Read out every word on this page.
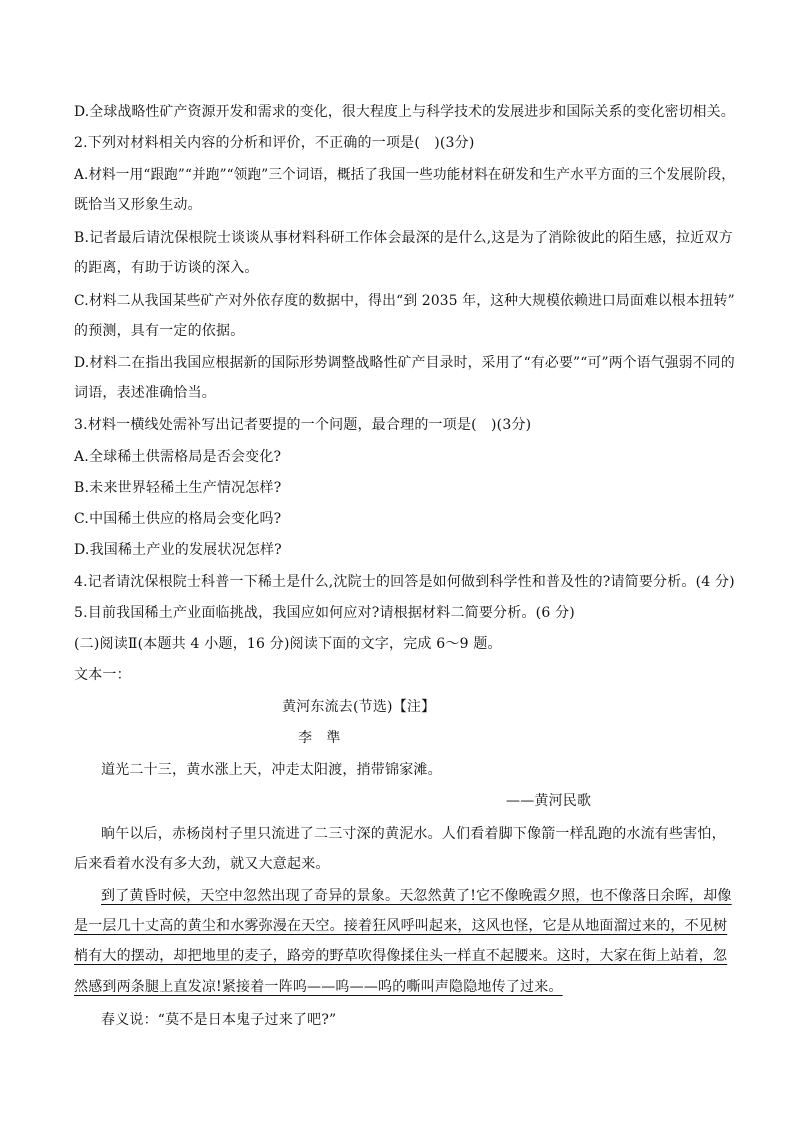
D.全球战略性矿产资源开发和需求的变化，很大程度上与科学技术的发展进步和国际关系的变化密切相关。
2.下列对材料相关内容的分析和评价，不正确的一项是(　)(3分)
A.材料一用“跟跑”“并跑”“领跑”三个词语，概括了我国一些功能材料在研发和生产水平方面的三个发展阶段，
既恰当又形象生动。
B.记者最后请沈保根院士谈谈从事材料科研工作体会最深的是什么,这是为了消除彼此的陌生感，拉近双方
的距离，有助于访谈的深入。
C.材料二从我国某些矿产对外依存度的数据中，得出“到 2035 年，这种大规模依赖进口局面难以根本扭转”
的预测，具有一定的依据。
D.材料二在指出我国应根据新的国际形势调整战略性矿产目录时，采用了“有必要”“可”两个语气强弱不同的
词语，表述准确恰当。
3.材料一横线处需补写出记者要提的一个问题，最合理的一项是(　)(3分)
A.全球稀土供需格局是否会变化?
B.未来世界轻稀土生产情况怎样?
C.中国稀土供应的格局会变化吗?
D.我国稀土产业的发展状况怎样?
4.记者请沈保根院士科普一下稀土是什么,沈院士的回答是如何做到科学性和普及性的?请简要分析。(4 分)
5.目前我国稀土产业面临挑战，我国应如何应对?请根据材料二简要分析。(6 分)
(二)阅读Ⅱ(本题共 4 小题，16 分)阅读下面的文字，完成 6～9 题。
文本一：
黄河东流去(节选)【注】
李　準
道光二十三，黄水涨上天，冲走太阳渡，捎带锦家滩。
——黄河民歌
晌午以后，赤杨岗村子里只流进了二三寸深的黄泥水。人们看着脚下像箭一样乱跑的水流有些害怕，
后来看着水没有多大劲，就又大意起来。
到了黄昏时候，天空中忽然出现了奇异的景象。天忽然黄了!它不像晚霞夕照，也不像落日余晖，却像
是一层几十丈高的黄尘和水雾弥漫在天空。接着狂风呼叫起来，这风也怪，它是从地面溜过来的，不见树
梢有大的摆动，却把地里的麦子，路旁的野草吹得像揉住头一样直不起腰来。这时，大家在街上站着，忽
然感到两条腿上直发凉!紧接着一阵呜——呜——呜的嘶叫声隐隐地传了过来。
春义说：“莫不是日本鬼子过来了吧?”
